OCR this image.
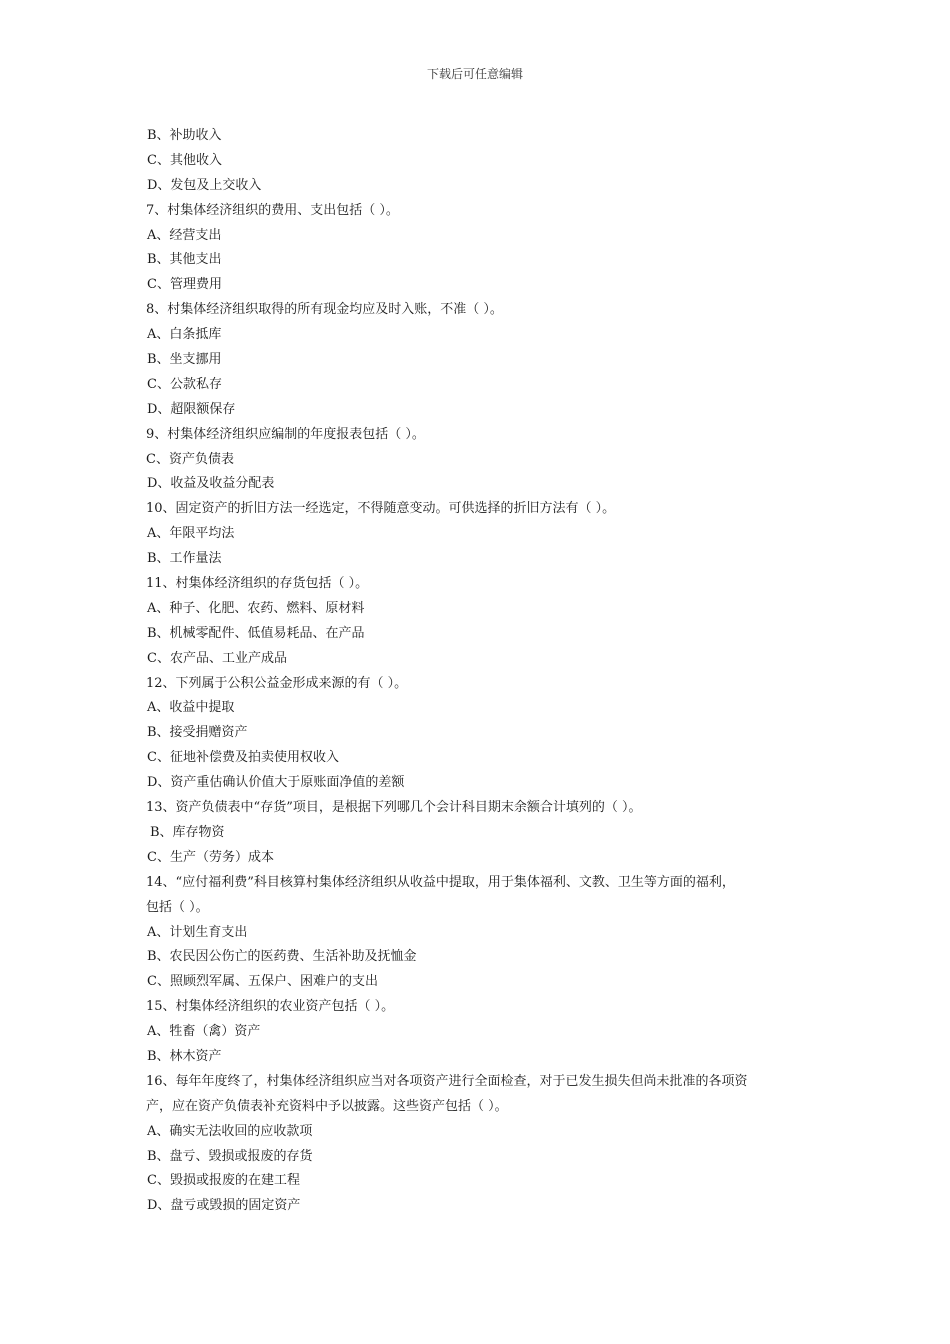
下载后可任意编辑
B、补助收入
C、其他收入
D、发包及上交收入
7、村集体经济组织的费用、支出包括（ ）。
A、经营支出
B、其他支出
C、管理费用
8、村集体经济组织取得的所有现金均应及时入账，不准（ ）。
A、白条抵库
B、坐支挪用
C、公款私存
D、超限额保存
9、村集体经济组织应编制的年度报表包括（ ）。
C、资产负债表
D、收益及收益分配表
10、固定资产的折旧方法一经选定，不得随意变动。可供选择的折旧方法有（ ）。
A、年限平均法
B、工作量法
11、村集体经济组织的存货包括（ ）。
A、种子、化肥、农药、燃料、原材料
B、机械零配件、低值易耗品、在产品
C、农产品、工业产成品
12、下列属于公积公益金形成来源的有（ ）。
A、收益中提取
B、接受捐赠资产
C、征地补偿费及拍卖使用权收入
D、资产重估确认价值大于原账面净值的差额
13、资产负债表中“存货”项目，是根据下列哪几个会计科目期末余额合计填列的（ ）。
B、库存物资
C、生产（劳务）成本
14、“应付福利费”科目核算村集体经济组织从收益中提取，用于集体福利、文教、卫生等方面的福利，
包括（ ）。
A、计划生育支出
B、农民因公伤亡的医药费、生活补助及抚恤金
C、照顾烈军属、五保户、困难户的支出
15、村集体经济组织的农业资产包括（ ）。
A、牲畜（禽）资产
B、林木资产
16、每年年度终了，村集体经济组织应当对各项资产进行全面检查，对于已发生损失但尚未批准的各项资
产，应在资产负债表补充资料中予以披露。这些资产包括（ ）。
A、确实无法收回的应收款项
B、盘亏、毁损或报废的存货
C、毁损或报废的在建工程
D、盘亏或毁损的固定资产
